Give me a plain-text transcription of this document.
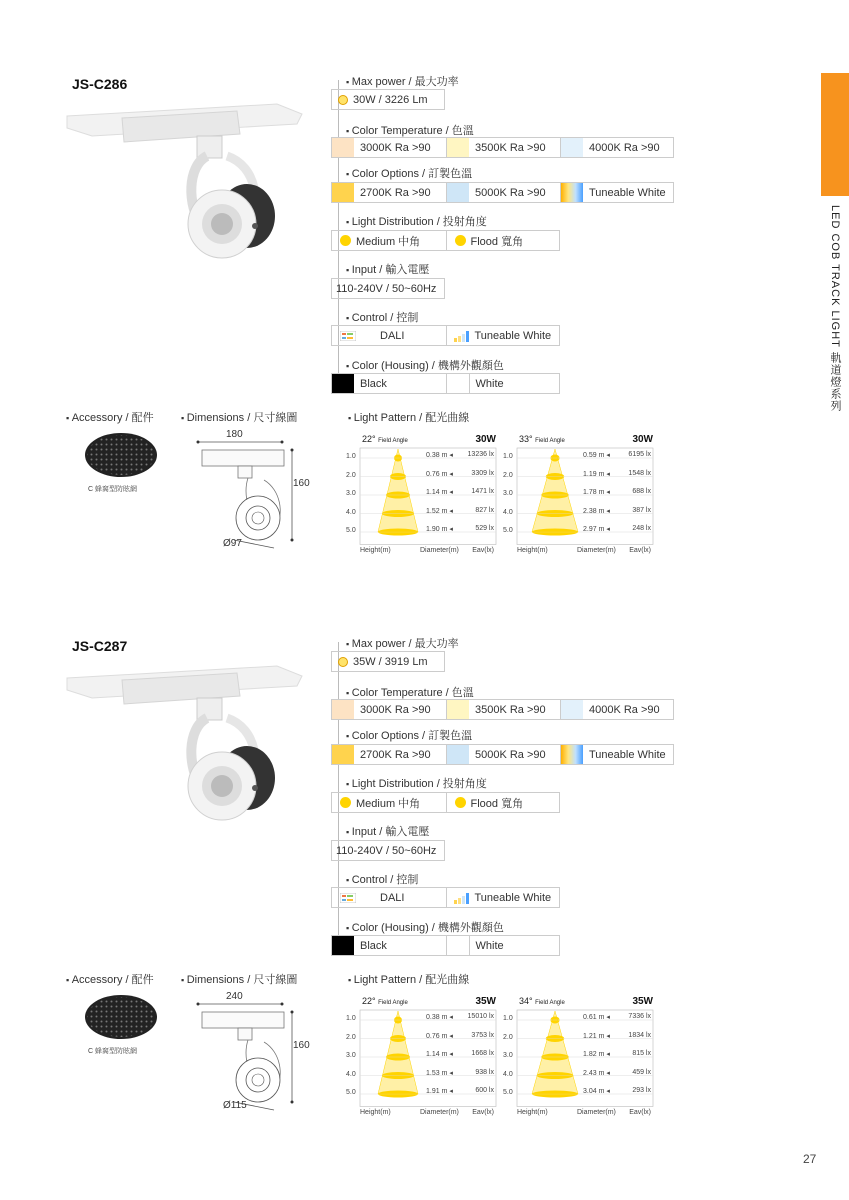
LED COB TRACK LIGHT 軌道燈系列
27
JS-C286	▪ Max power / 最大功率
30W / 3226 Lm
▪ Color Temperature / 色溫
3000K Ra >90	3500K Ra >90	4000K Ra >90
▪ Color Options / 訂製色溫
2700K Ra >90	5000K Ra >90	Tuneable White
▪ Light Distribution / 投射角度
Medium 中角	Flood 寬角
▪ Input / 輸入電壓
110-240V / 50~60Hz
▪ Control / 控制
DALI	Tuneable White
▪ Color (Housing) / 機構外觀顏色
Black	White
▪ Accessory / 配件	▪ Dimensions / 尺寸線圖	▪ Light Pattern / 配光曲線
C 蜂窩型防眩網
180
160
Ø97
22° Field Angle	30W
1.0	0.38 m ◂ 13236 lx
2.0	0.76 m ◂	3309 lx
3.0	1.14 m ◂	1471 lx
4.0	1.52 m ◂	827 lx
5.0	1.90 m ◂	529 lx
Height(m)	Diameter(m) Eav(lx)
33° Field Angle	30W
1.0	0.59 m ◂	6195 lx
2.0	1.19 m ◂	1548 lx
3.0	1.78 m ◂	688 lx
4.0	2.38 m ◂	387 lx
5.0	2.97 m ◂	248 lx
Height(m)	Diameter(m) Eav(lx)
JS-C287	▪ Max power / 最大功率
35W / 3919 Lm
▪ Color Temperature / 色溫
3000K Ra >90	3500K Ra >90	4000K Ra >90
▪ Color Options / 訂製色溫
2700K Ra >90	5000K Ra >90	Tuneable White
▪ Light Distribution / 投射角度
Medium 中角	Flood 寬角
▪ Input / 輸入電壓
110-240V / 50~60Hz
▪ Control / 控制
DALI	Tuneable White
▪ Color (Housing) / 機構外觀顏色
Black	White
▪ Accessory / 配件	▪ Dimensions / 尺寸線圖	▪ Light Pattern / 配光曲線
C 蜂窩型防眩網
240
160
Ø115
22° Field Angle	35W
1.0	0.38 m ◂ 15010 lx
2.0	0.76 m ◂	3753 lx
3.0	1.14 m ◂	1668 lx
4.0	1.53 m ◂	938 lx
5.0	1.91 m ◂	600 lx
Height(m)	Diameter(m) Eav(lx)
34° Field Angle	35W
1.0	0.61 m ◂	7336 lx
2.0	1.21 m ◂	1834 lx
3.0	1.82 m ◂	815 lx
4.0	2.43 m ◂	459 lx
5.0	3.04 m ◂	293 lx
Height(m)	Diameter(m) Eav(lx)
